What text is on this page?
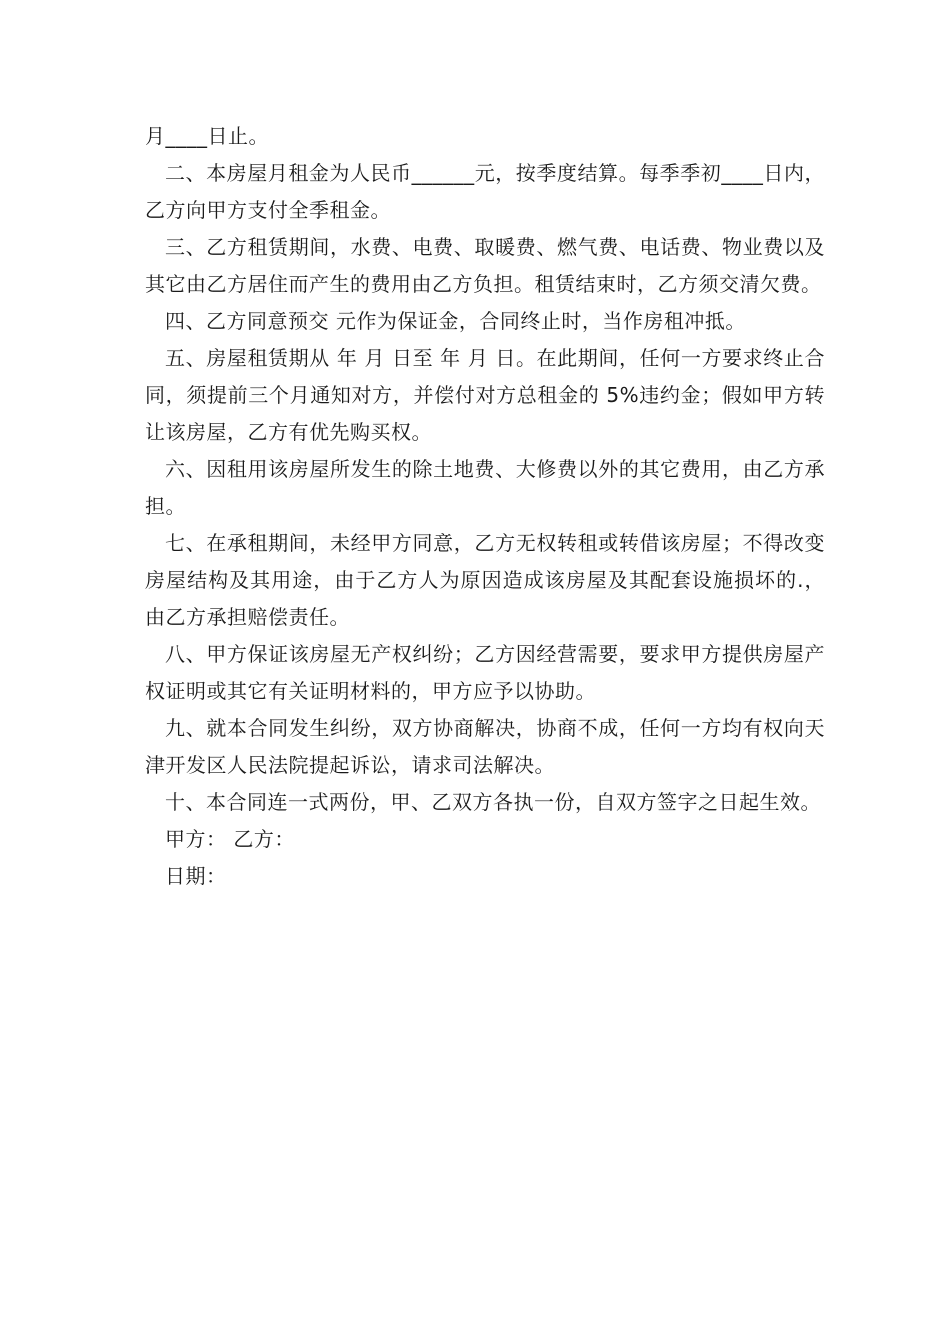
月____日止。

二、本房屋月租金为人民币______元，按季度结算。每季季初____日内，乙方向甲方支付全季租金。

三、乙方租赁期间，水费、电费、取暖费、燃气费、电话费、物业费以及其它由乙方居住而产生的费用由乙方负担。租赁结束时，乙方须交清欠费。

四、乙方同意预交 元作为保证金，合同终止时，当作房租冲抵。

五、房屋租赁期从 年 月 日至 年 月 日。在此期间，任何一方要求终止合同，须提前三个月通知对方，并偿付对方总租金的 5%违约金；假如甲方转让该房屋，乙方有优先购买权。

六、因租用该房屋所发生的除土地费、大修费以外的其它费用，由乙方承担。

七、在承租期间，未经甲方同意，乙方无权转租或转借该房屋；不得改变房屋结构及其用途，由于乙方人为原因造成该房屋及其配套设施损坏的.，由乙方承担赔偿责任。

八、甲方保证该房屋无产权纠纷；乙方因经营需要，要求甲方提供房屋产权证明或其它有关证明材料的，甲方应予以协助。

九、就本合同发生纠纷，双方协商解决，协商不成，任何一方均有权向天津开发区人民法院提起诉讼，请求司法解决。

十、本合同连一式两份，甲、乙双方各执一份，自双方签字之日起生效。

甲方： 乙方：

日期：
